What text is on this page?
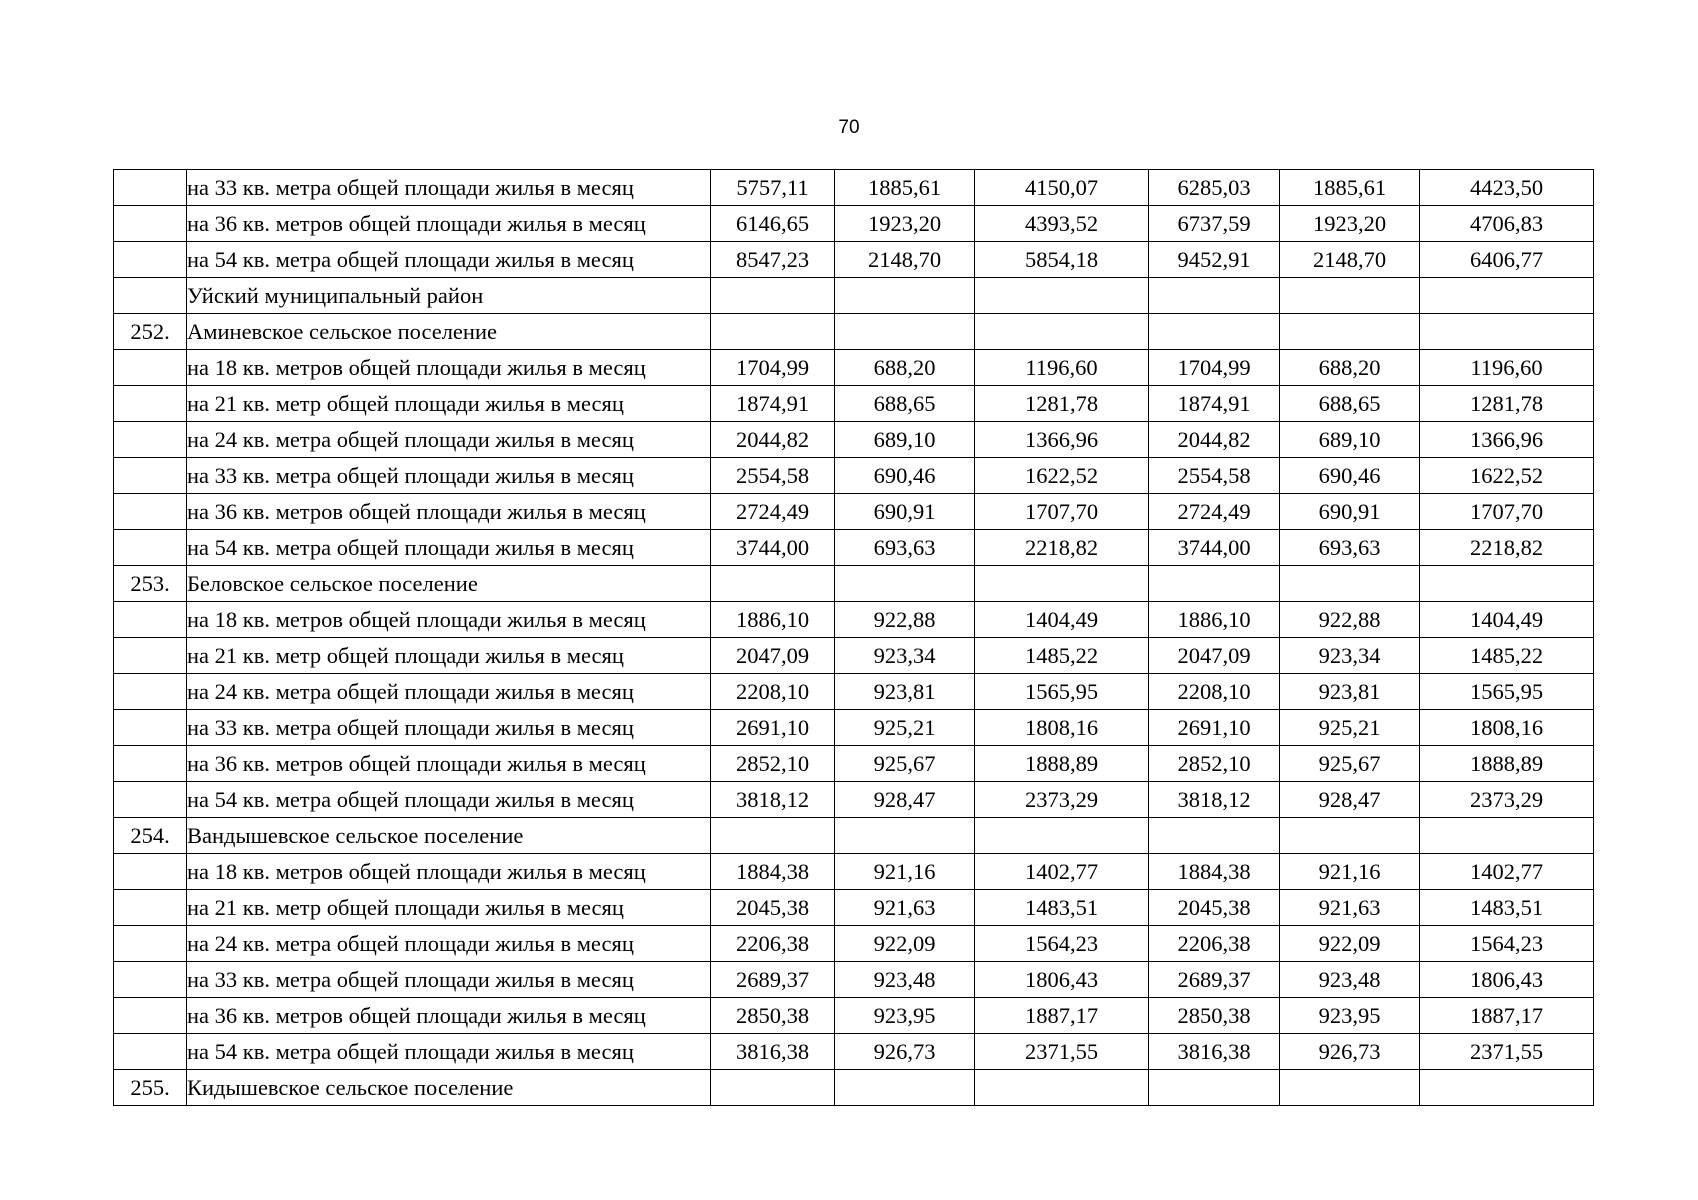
70
	на 33 кв. метра общей площади жилья в месяц	5757,11	1885,61	4150,07	6285,03	1885,61	4423,50
	на 36 кв. метров общей площади жилья в месяц	6146,65	1923,20	4393,52	6737,59	1923,20	4706,83
	на 54 кв. метра общей площади жилья в месяц	8547,23	2148,70	5854,18	9452,91	2148,70	6406,77
	Уйский муниципальный район						
252.	Аминевское сельское поселение						
	на 18 кв. метров общей площади жилья в месяц	1704,99	688,20	1196,60	1704,99	688,20	1196,60
	на 21 кв. метр общей площади жилья в месяц	1874,91	688,65	1281,78	1874,91	688,65	1281,78
	на 24 кв. метра общей площади жилья в месяц	2044,82	689,10	1366,96	2044,82	689,10	1366,96
	на 33 кв. метра общей площади жилья в месяц	2554,58	690,46	1622,52	2554,58	690,46	1622,52
	на 36 кв. метров общей площади жилья в месяц	2724,49	690,91	1707,70	2724,49	690,91	1707,70
	на 54 кв. метра общей площади жилья в месяц	3744,00	693,63	2218,82	3744,00	693,63	2218,82
253.	Беловское сельское поселение						
	на 18 кв. метров общей площади жилья в месяц	1886,10	922,88	1404,49	1886,10	922,88	1404,49
	на 21 кв. метр общей площади жилья в месяц	2047,09	923,34	1485,22	2047,09	923,34	1485,22
	на 24 кв. метра общей площади жилья в месяц	2208,10	923,81	1565,95	2208,10	923,81	1565,95
	на 33 кв. метра общей площади жилья в месяц	2691,10	925,21	1808,16	2691,10	925,21	1808,16
	на 36 кв. метров общей площади жилья в месяц	2852,10	925,67	1888,89	2852,10	925,67	1888,89
	на 54 кв. метра общей площади жилья в месяц	3818,12	928,47	2373,29	3818,12	928,47	2373,29
254.	Вандышевское сельское поселение						
	на 18 кв. метров общей площади жилья в месяц	1884,38	921,16	1402,77	1884,38	921,16	1402,77
	на 21 кв. метр общей площади жилья в месяц	2045,38	921,63	1483,51	2045,38	921,63	1483,51
	на 24 кв. метра общей площади жилья в месяц	2206,38	922,09	1564,23	2206,38	922,09	1564,23
	на 33 кв. метра общей площади жилья в месяц	2689,37	923,48	1806,43	2689,37	923,48	1806,43
	на 36 кв. метров общей площади жилья в месяц	2850,38	923,95	1887,17	2850,38	923,95	1887,17
	на 54 кв. метра общей площади жилья в месяц	3816,38	926,73	2371,55	3816,38	926,73	2371,55
255.	Кидышевское сельское поселение						
